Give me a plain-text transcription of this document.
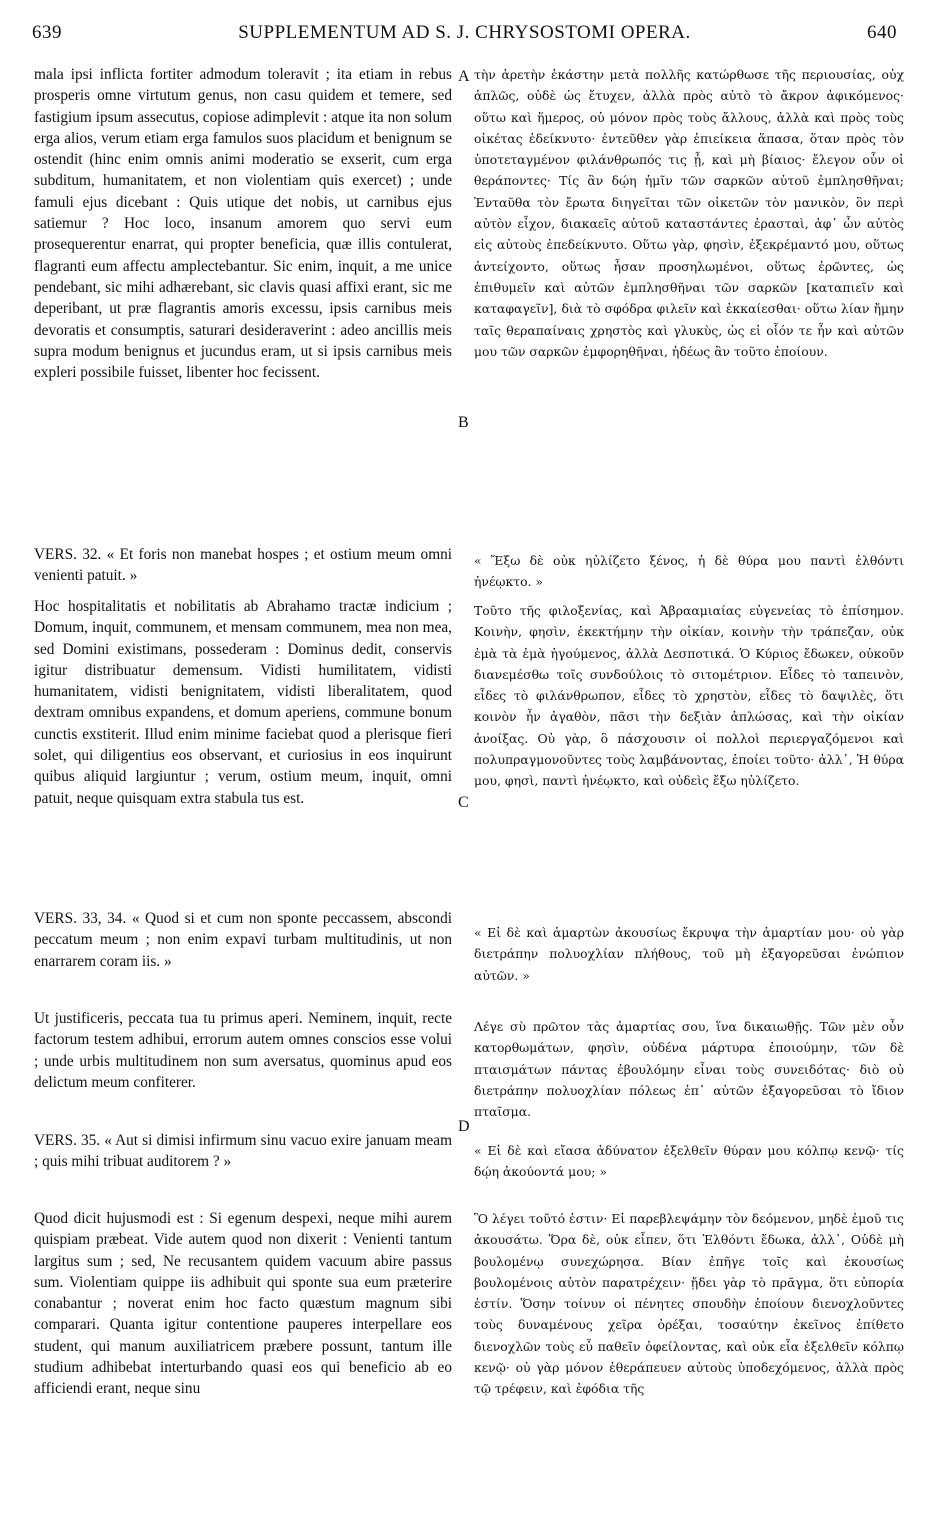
639	SUPPLEMENTUM AD S. J. CHRYSOSTOMI OPERA.	640
A
B
C
D

mala ipsi inflicta fortiter admodum toleravit ; ita etiam in rebus prosperis omne virtutum genus, non casu quidem et temere, sed fastigium ipsum assecutus, copiose adimplevit : atque ita non solum erga alios, verum etiam erga famulos suos placidum et benignum se ostendit (hinc enim omnis animi moderatio se exserit, cum erga subditum, humanitatem, et non violentiam quis exercet) ; unde famuli ejus dicebant : Quis utique det nobis, ut carnibus ejus satiemur ? Hoc loco, insanum amorem quo servi eum prosequerentur enarrat, qui propter beneficia, quæ illis contulerat, flagranti eum affectu amplectebantur. Sic enim, inquit, a me unice pendebant, sic mihi adhærebant, sic clavis quasi affixi erant, sic me deperibant, ut præ flagrantis amoris excessu, ipsis carnibus meis devoratis et consumptis, saturari desideraverint : adeo ancillis meis supra modum benignus et jucundus eram, ut si ipsis carnibus meis expleri possibile fuisset, libenter hoc fecissent.

VERS. 32. « Et foris non manebat hospes ; et ostium meum omni venienti patuit. »

Hoc hospitalitatis et nobilitatis ab Abrahamo tractæ indicium ; Domum, inquit, communem, et mensam communem, mea non mea, sed Domini existimans, possederam : Dominus dedit, conservis igitur distribuatur demensum. Vidisti humilitatem, vidisti humanitatem, vidisti benignitatem, vidisti liberalitatem, quod dextram omnibus expandens, et domum aperiens, commune bonum cunctis exstiterit. Illud enim minime faciebat quod a plerisque fieri solet, qui diligentius eos observant, et curiosius in eos inquirunt quibus aliquid largiuntur ; verum, ostium meum, inquit, omni patuit, neque quisquam extra stabula tus est.

VERS. 33, 34. « Quod si et cum non sponte peccassem, abscondi peccatum meum ; non enim expavi turbam multitudinis, ut non enarrarem coram iis. »

Ut justificeris, peccata tua tu primus aperi. Neminem, inquit, recte factorum testem adhibui, errorum autem omnes conscios esse volui ; unde urbis multitudinem non sum aversatus, quominus apud eos delictum meum confiterer.

VERS. 35. « Aut si dimisi infirmum sinu vacuo exire januam meam ; quis mihi tribuat auditorem ? »

Quod dicit hujusmodi est : Si egenum despexi, neque mihi aurem quispiam præbeat. Vide autem quod non dixerit : Venienti tantum largitus sum ; sed, Ne recusantem quidem vacuum abire passus sum. Violentiam quippe iis adhibuit qui sponte sua eum præterire conabantur ; noverat enim hoc facto quæstum magnum sibi comparari. Quanta igitur contentione pauperes interpellare eos student, qui manum auxiliatricem præbere possunt, tantum ille studium adhibebat interturbando quasi eos qui beneficio ab eo afficiendi erant, neque sinu

τὴν ἀρετὴν ἑκάστην μετὰ πολλῆς κατώρθωσε τῆς περιουσίας, οὐχ ἁπλῶς, οὐδὲ ὡς ἔτυχεν, ἀλλὰ πρὸς αὐτὸ τὸ ἄκρον ἀφικόμενος· οὕτω καὶ ἥμερος, οὐ μόνον πρὸς τοὺς ἄλλους, ἀλλὰ καὶ πρὸς τοὺς οἰκέτας ἐδείκνυτο· ἐντεῦθεν γὰρ ἐπιείκεια ἅπασα, ὅταν πρὸς τὸν ὑποτεταγμένον φιλάνθρωπός τις ᾖ, καὶ μὴ βίαιος· ἔλεγον οὖν οἱ θεράποντες· Τίς ἂν δῴη ἡμῖν τῶν σαρκῶν αὐτοῦ ἐμπλησθῆναι; Ἐνταῦθα τὸν ἔρωτα διηγεῖται τῶν οἰκετῶν τὸν μανικὸν, ὃν περὶ αὐτὸν εἶχον, διακαεῖς αὐτοῦ καταστάντες ἐρασταὶ, ἀφ᾽ ὧν αὐτὸς εἰς αὐτοὺς ἐπεδείκνυτο. Οὕτω γὰρ, φησὶν, ἐξεκρέμαντό μου, οὕτως ἀντείχοντο, οὕτως ἦσαν προσηλωμένοι, οὕτως ἐρῶντες, ὡς ἐπιθυμεῖν καὶ αὐτῶν ἐμπλησθῆναι τῶν σαρκῶν [καταπιεῖν καὶ καταφαγεῖν], διὰ τὸ σφόδρα φιλεῖν καὶ ἐκκαίεσθαι· οὕτω λίαν ἤμην ταῖς θεραπαίναις χρηστὸς καὶ γλυκὺς, ὡς εἰ οἷόν τε ἦν καὶ αὐτῶν μου τῶν σαρκῶν ἐμφορηθῆναι, ἡδέως ἂν τοῦτο ἐποίουν.

« Ἔξω δὲ οὐκ ηὐλίζετο ξένος, ἡ δὲ θύρα μου παντὶ ἐλθόντι ἠνέῳκτο. »

Τοῦτο τῆς φιλοξενίας, καὶ Ἀβρααμιαίας εὐγενείας τὸ ἐπίσημον. Κοινὴν, φησὶν, ἐκεκτήμην τὴν οἰκίαν, κοινὴν τὴν τράπεζαν, οὐκ ἐμὰ τὰ ἐμὰ ἡγούμενος, ἀλλὰ Δεσποτικά. Ὁ Κύριος ἔδωκεν, οὐκοῦν διανεμέσθω τοῖς συνδούλοις τὸ σιτομέτριον. Εἶδες τὸ ταπεινὸν, εἶδες τὸ φιλάνθρωπον, εἶδες τὸ χρηστὸν, εἶδες τὸ δαψιλὲς, ὅτι κοινὸν ἦν ἀγαθὸν, πᾶσι τὴν δεξιὰν ἁπλώσας, καὶ τὴν οἰκίαν ἀνοίξας. Οὐ γὰρ, ὃ πάσχουσιν οἱ πολλοὶ περιεργαζόμενοι καὶ πολυπραγμονοῦντες τοὺς λαμβάνοντας, ἐποίει τοῦτο· ἀλλ᾽, Ἡ θύρα μου, φησὶ, παντὶ ἠνέῳκτο, καὶ οὐδεὶς ἔξω ηὐλίζετο.

« Εἰ δὲ καὶ ἁμαρτὼν ἀκουσίως ἔκρυψα τὴν ἁμαρτίαν μου· οὐ γὰρ διετράπην πολυοχλίαν πλήθους, τοῦ μὴ ἐξαγορεῦσαι ἐνώπιον αὐτῶν. »

Λέγε σὺ πρῶτον τὰς ἁμαρτίας σου, ἵνα δικαιωθῇς. Τῶν μὲν οὖν κατορθωμάτων, φησὶν, οὐδένα μάρτυρα ἐποιούμην, τῶν δὲ πταισμάτων πάντας ἐβουλόμην εἶναι τοὺς συνειδότας· διὸ οὐ διετράπην πολυοχλίαν πόλεως ἐπ᾽ αὐτῶν ἐξαγορεῦσαι τὸ ἴδιον πταῖσμα.

« Εἰ δὲ καὶ εἴασα ἀδύνατον ἐξελθεῖν θύραν μου κόλπῳ κενῷ· τίς δῴη ἀκούοντά μου; »

Ὃ λέγει τοῦτό ἐστιν· Εἰ παρεβλεψάμην τὸν δεόμενον, μηδὲ ἐμοῦ τις ἀκουσάτω. Ὅρα δὲ, οὐκ εἶπεν, ὅτι Ἐλθόντι ἔδωκα, ἀλλ᾽, Οὐδὲ μὴ βουλομένῳ συνεχώρησα. Βίαν ἐπῆγε τοῖς καὶ ἑκουσίως βουλομένοις αὐτὸν παρατρέχειν· ᾔδει γὰρ τὸ πρᾶγμα, ὅτι εὐπορία ἐστίν. Ὅσην τοίνυν οἱ πένητες σπουδὴν ἐποίουν διενοχλοῦντες τοὺς δυναμένους χεῖρα ὀρέξαι, τοσαύτην ἐκεῖνος ἐπίθετο διενοχλῶν τοὺς εὖ παθεῖν ὀφείλοντας, καὶ οὐκ εἶα ἐξελθεῖν κόλπῳ κενῷ· οὐ γὰρ μόνον ἐθεράπευεν αὐτοὺς ὑποδεχόμενος, ἀλλὰ πρὸς τῷ τρέφειν, καὶ ἐφόδια τῆς
